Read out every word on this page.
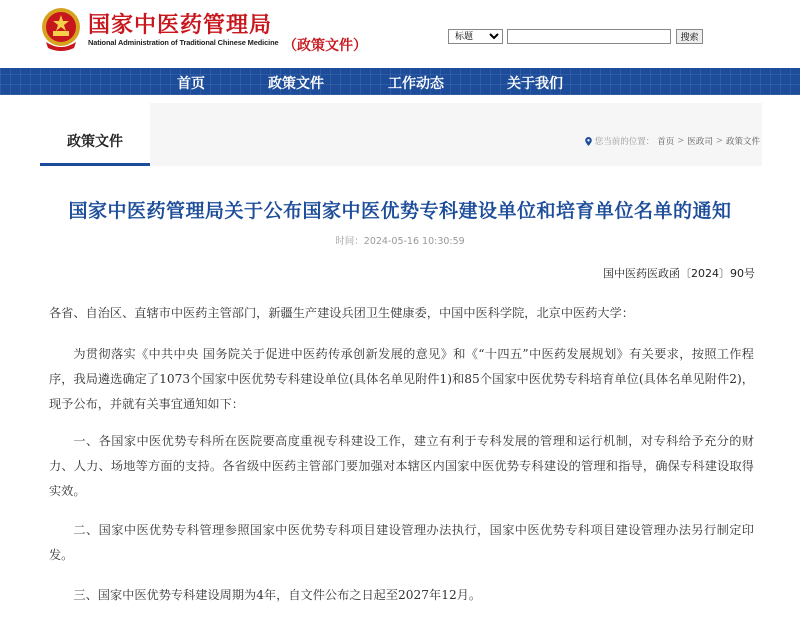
国家中医药管理局
National Administration of Traditional Chinese Medicine （政策文件）
标题	搜索
首页	政策文件	工作动态	关于我们
政策文件	您当前的位置： 首页 > 医政司 > 政策文件
国家中医药管理局关于公布国家中医优势专科建设单位和培育单位名单的通知
时间：2024-05-16 10:30:59
国中医药医政函〔2024〕90号
各省、自治区、直辖市中医药主管部门，新疆生产建设兵团卫生健康委，中国中医科学院，北京中医药大学：
为贯彻落实《中共中央 国务院关于促进中医药传承创新发展的意见》和《“十四五”中医药发展规划》有关要求，按照工作程序，我局遴选确定了1073个国家中医优势专科建设单位(具体名单见附件1)和85个国家中医优势专科培育单位(具体名单见附件2)，现予公布，并就有关事宜通知如下：
一、各国家中医优势专科所在医院要高度重视专科建设工作，建立有利于专科发展的管理和运行机制，对专科给予充分的财力、人力、场地等方面的支持。各省级中医药主管部门要加强对本辖区内国家中医优势专科建设的管理和指导，确保专科建设取得实效。
二、国家中医优势专科管理参照国家中医优势专科项目建设管理办法执行，国家中医优势专科项目建设管理办法另行制定印发。
三、国家中医优势专科建设周期为4年，自文件公布之日起至2027年12月。
